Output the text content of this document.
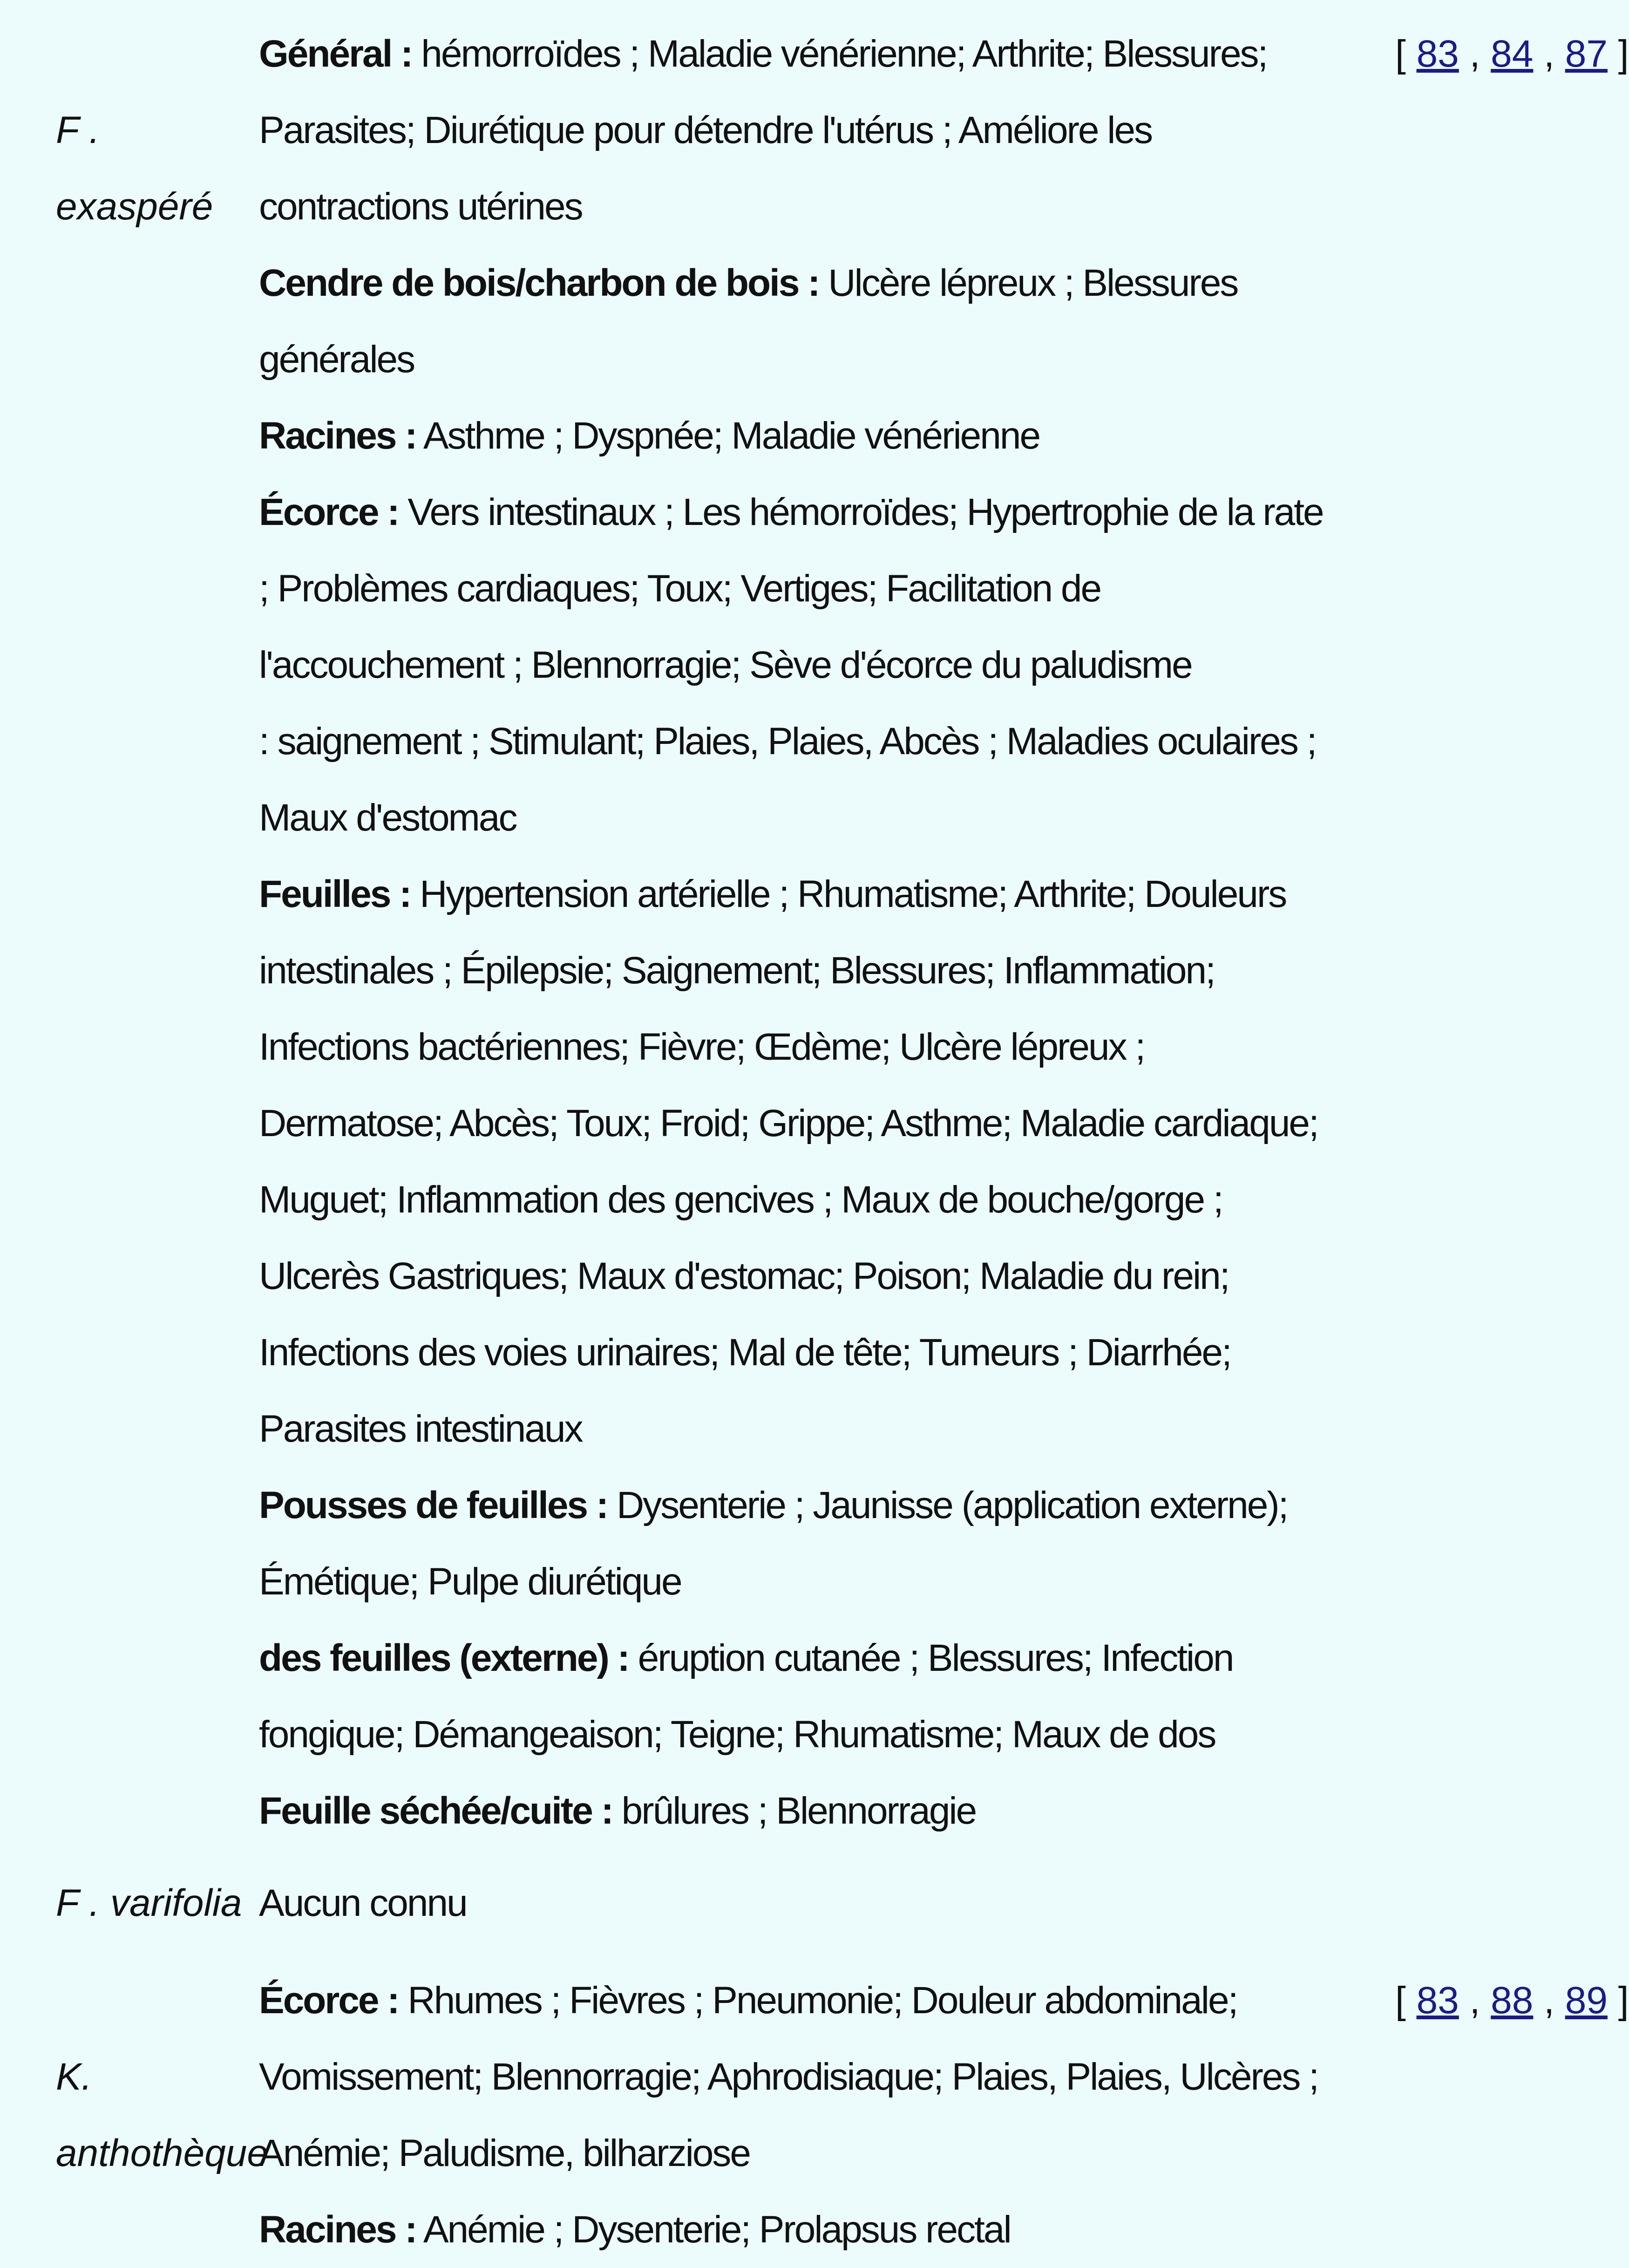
F . exaspéré

Général : hémorroïdes ; Maladie vénérienne; Arthrite; Blessures; Parasites; Diurétique pour détendre l'utérus ; Améliore les contractions utérines

Cendre de bois/charbon de bois : Ulcère lépreux ; Blessures générales

Racines : Asthme ; Dyspnée; Maladie vénérienne

Écorce : Vers intestinaux ; Les hémorroïdes; Hypertrophie de la rate ; Problèmes cardiaques; Toux; Vertiges; Facilitation de l'accouchement ; Blennorragie; Sève d'écorce du paludisme

: saignement ; Stimulant; Plaies, Plaies, Abcès ; Maladies oculaires ; Maux d'estomac

Feuilles : Hypertension artérielle ; Rhumatisme; Arthrite; Douleurs intestinales ; Épilepsie; Saignement; Blessures; Inflammation; Infections bactériennes; Fièvre; Œdème; Ulcère lépreux ; Dermatose; Abcès; Toux; Froid; Grippe; Asthme; Maladie cardiaque; Muguet; Inflammation des gencives ; Maux de bouche/gorge ; Ulcerès Gastriques; Maux d'estomac; Poison; Maladie du rein; Infections des voies urinaires; Mal de tête; Tumeurs ; Diarrhée; Parasites intestinaux

Pousses de feuilles : Dysenterie ; Jaunisse (application externe); Émétique; Pulpe diurétique

des feuilles (externe) : éruption cutanée ; Blessures; Infection fongique; Démangeaison; Teigne; Rhumatisme; Maux de dos

Feuille séchée/cuite : brûlures ; Blennorragie

[ 83 , 84 , 87 ]
F . varifolia Aucun connu

K. anthothèque

Écorce : Rhumes ; Fièvres ; Pneumonie; Douleur abdominale; Vomissement; Blennorragie; Aphrodisiaque; Plaies, Plaies, Ulcères ; Anémie; Paludisme, bilharziose

Racines : Anémie ; Dysenterie; Prolapsus rectal

[ 83 , 88 , 89 ]
